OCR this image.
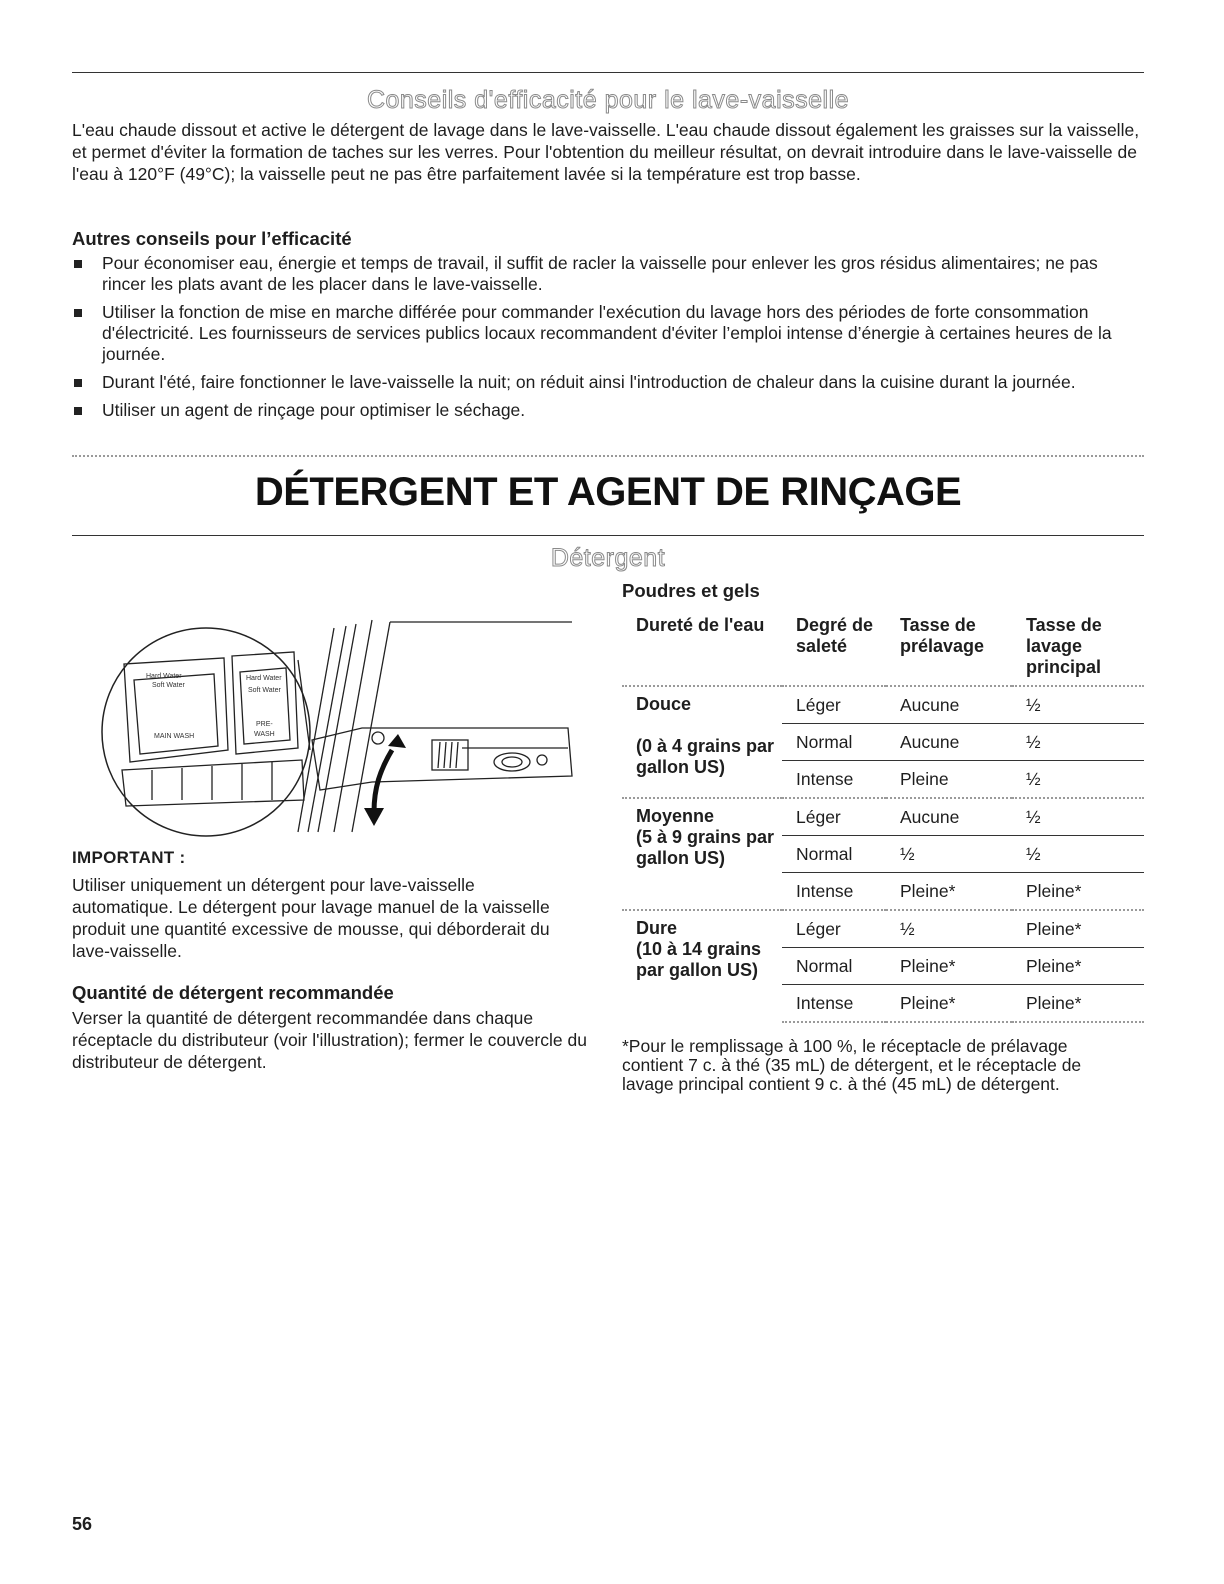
Conseils d'efficacité pour le lave-vaisselle
L'eau chaude dissout et active le détergent de lavage dans le lave-vaisselle. L'eau chaude dissout également les graisses sur la vaisselle, et permet d'éviter la formation de taches sur les verres. Pour l'obtention du meilleur résultat, on devrait introduire dans le lave-vaisselle de l'eau à 120°F (49°C); la vaisselle peut ne pas être parfaitement lavée si la température est trop basse.
Autres conseils pour l’efficacité
Pour économiser eau, énergie et temps de travail, il suffit de racler la vaisselle pour enlever les gros résidus alimentaires; ne pas rincer les plats avant de les placer dans le lave-vaisselle.
Utiliser la fonction de mise en marche différée pour commander l'exécution du lavage hors des périodes de forte consommation d'électricité. Les fournisseurs de services publics locaux recommandent d'éviter l’emploi intense d’énergie à certaines heures de la journée.
Durant l'été, faire fonctionner le lave-vaisselle la nuit; on réduit ainsi l'introduction de chaleur dans la cuisine durant la journée.
Utiliser un agent de rinçage pour optimiser le séchage.
DÉTERGENT ET AGENT DE RINÇAGE
Détergent
Hard Water
Soft Water
Hard Water
Soft Water
MAIN WASH
PRE-
WASH
IMPORTANT :
Utiliser uniquement un détergent pour lave-vaisselle automatique. Le détergent pour lavage manuel de la vaisselle produit une quantité excessive de mousse, qui déborderait du lave-vaisselle.
Quantité de détergent recommandée
Verser la quantité de détergent recommandée dans chaque réceptacle du distributeur (voir l'illustration); fermer le couvercle du distributeur de détergent.
Poudres et gels
Dureté de l'eau	Degré de saleté	Tasse de prélavage	Tasse de lavage principal
Douce

(0 à 4 grains par gallon US)	Léger	Aucune	½
	Normal	Aucune	½
	Intense	Pleine	½
Moyenne
(5 à 9 grains par gallon US)	Léger	Aucune	½
	Normal	½	½
	Intense	Pleine*	Pleine*
Dure
(10 à 14 grains par gallon US)	Léger	½	Pleine*
	Normal	Pleine*	Pleine*
	Intense	Pleine*	Pleine*
*Pour le remplissage à 100 %, le réceptacle de prélavage contient 7 c. à thé (35 mL) de détergent, et le réceptacle de lavage principal contient 9 c. à thé (45 mL) de détergent.
56
